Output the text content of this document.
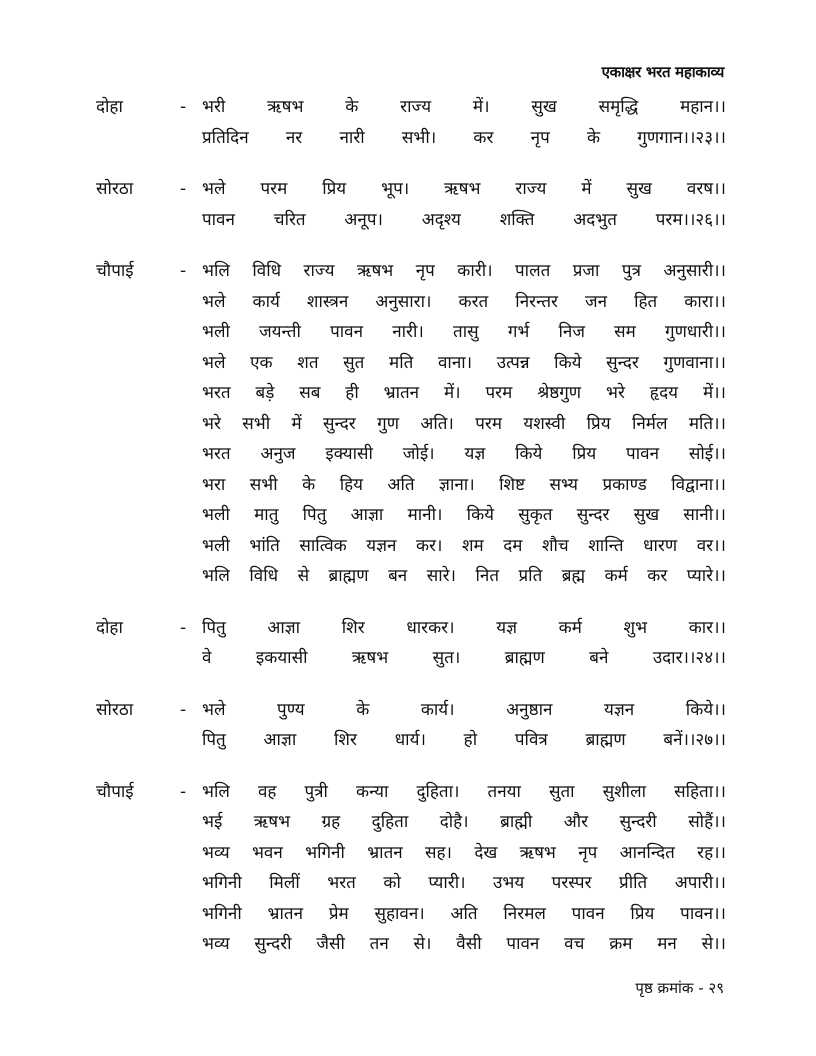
एकाक्षर भरत महाकाव्य
दोहा	- भरी ऋषभ के राज्य में। सुख समृद्धि महान।।
प्रतिदिन नर नारी सभी। कर नृप के गुणगान।।२३।।
सोरठा	- भले परम प्रिय भूप। ऋषभ राज्य में सुख वरष।।
पावन चरित अनूप। अदृश्य शक्ति अदभुत परम।।२६।।
चौपाई	- भलि विधि राज्य ऋषभ नृप कारी। पालत प्रजा पुत्र अनुसारी।।
भले कार्य शास्त्रन अनुसारा। करत निरन्तर जन हित कारा।।
भली जयन्ती पावन नारी। तासु गर्भ निज सम गुणधारी।।
भले एक शत सुत मति वाना। उत्पन्न किये सुन्दर गुणवाना।।
भरत बड़े सब ही भ्रातन में। परम श्रेष्ठगुण भरे हृदय में।।
भरे सभी में सुन्दर गुण अति। परम यशस्वी प्रिय निर्मल मति।।
भरत अनुज इक्यासी जोई। यज्ञ किये प्रिय पावन सोई।।
भरा सभी के हिय अति ज्ञाना। शिष्ट सभ्य प्रकाण्ड विद्वाना।।
भली मातु पितु आज्ञा मानी। किये सुकृत सुन्दर सुख सानी।।
भली भांति सात्विक यज्ञन कर। शम दम शौच शान्ति धारण वर।।
भलि विधि से ब्राह्मण बन सारे। नित प्रति ब्रह्म कर्म कर प्यारे।।
दोहा	- पितु आज्ञा शिर धारकर। यज्ञ कर्म शुभ कार।।
वे इकयासी ऋषभ सुत। ब्राह्मण बने उदार।।२४।।
सोरठा	- भले पुण्य के कार्य। अनुष्ठान यज्ञन किये।।
पितु आज्ञा शिर धार्य। हो पवित्र ब्राह्मण बनें।।२७।।
चौपाई	- भलि वह पुत्री कन्या दुहिता। तनया सुता सुशीला सहिता।।
भई ऋषभ ग्रह दुहिता दोहै। ब्राह्मी और सुन्दरी सोहैं।।
भव्य भवन भगिनी भ्रातन सह। देख ऋषभ नृप आनन्दित रह।।
भगिनी मिलीं भरत को प्यारी। उभय परस्पर प्रीति अपारी।।
भगिनी भ्रातन प्रेम सुहावन। अति निरमल पावन प्रिय पावन।।
भव्य सुन्दरी जैसी तन से। वैसी पावन वच क्रम मन से।।
पृष्ठ क्रमांक - २९
